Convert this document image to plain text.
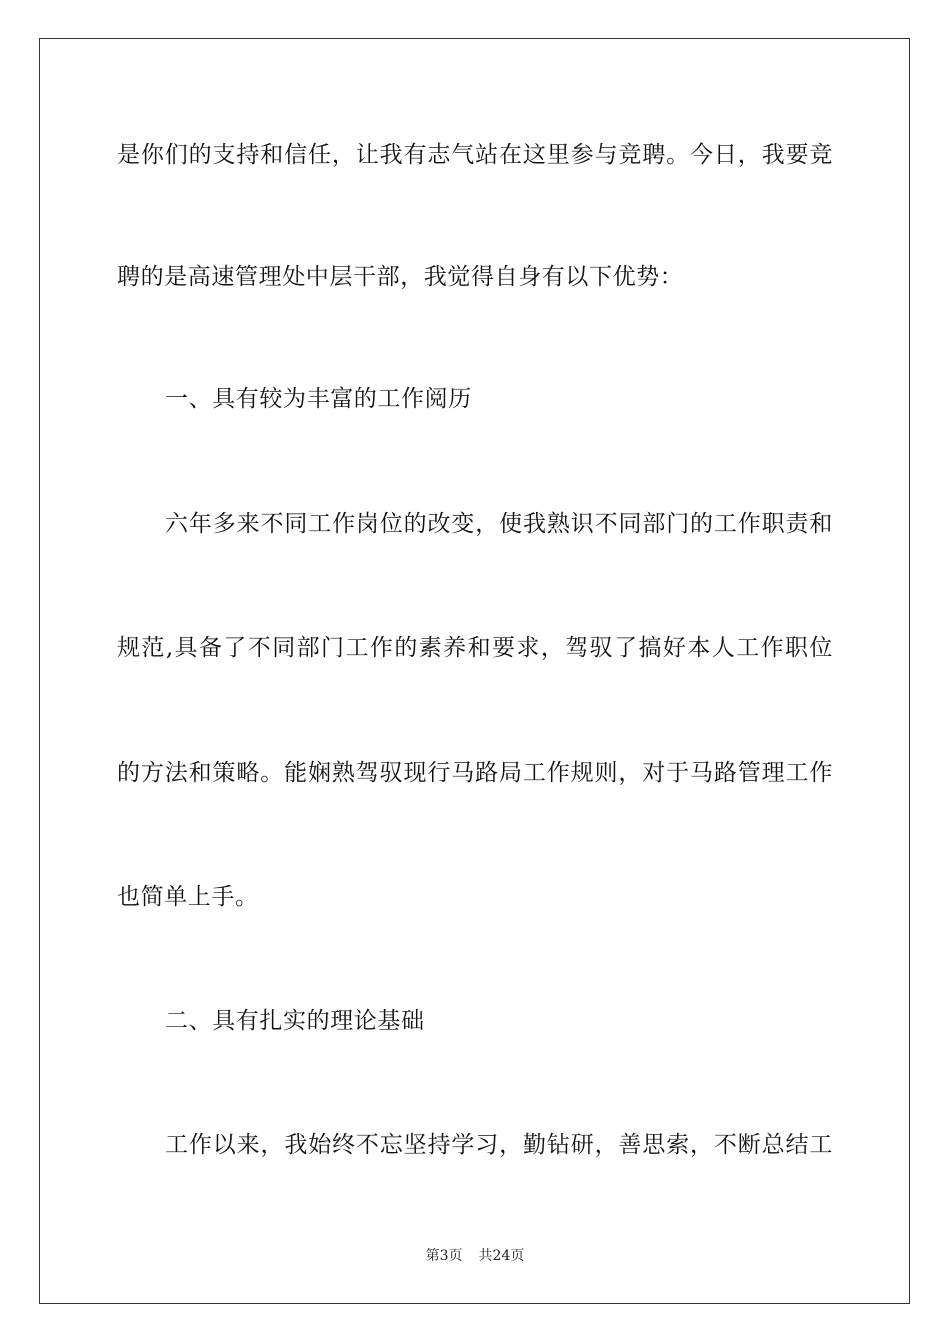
是你们的支持和信任，让我有志气站在这里参与竞聘。今日，我要竞
聘的是高速管理处中层干部，我觉得自身有以下优势：
一、具有较为丰富的工作阅历
六年多来不同工作岗位的改变，使我熟识不同部门的工作职责和
规范,具备了不同部门工作的素养和要求，驾驭了搞好本人工作职位
的方法和策略。能娴熟驾驭现行马路局工作规则，对于马路管理工作
也简单上手。
二、具有扎实的理论基础
工作以来，我始终不忘坚持学习，勤钻研，善思索，不断总结工
第3页 共24页
